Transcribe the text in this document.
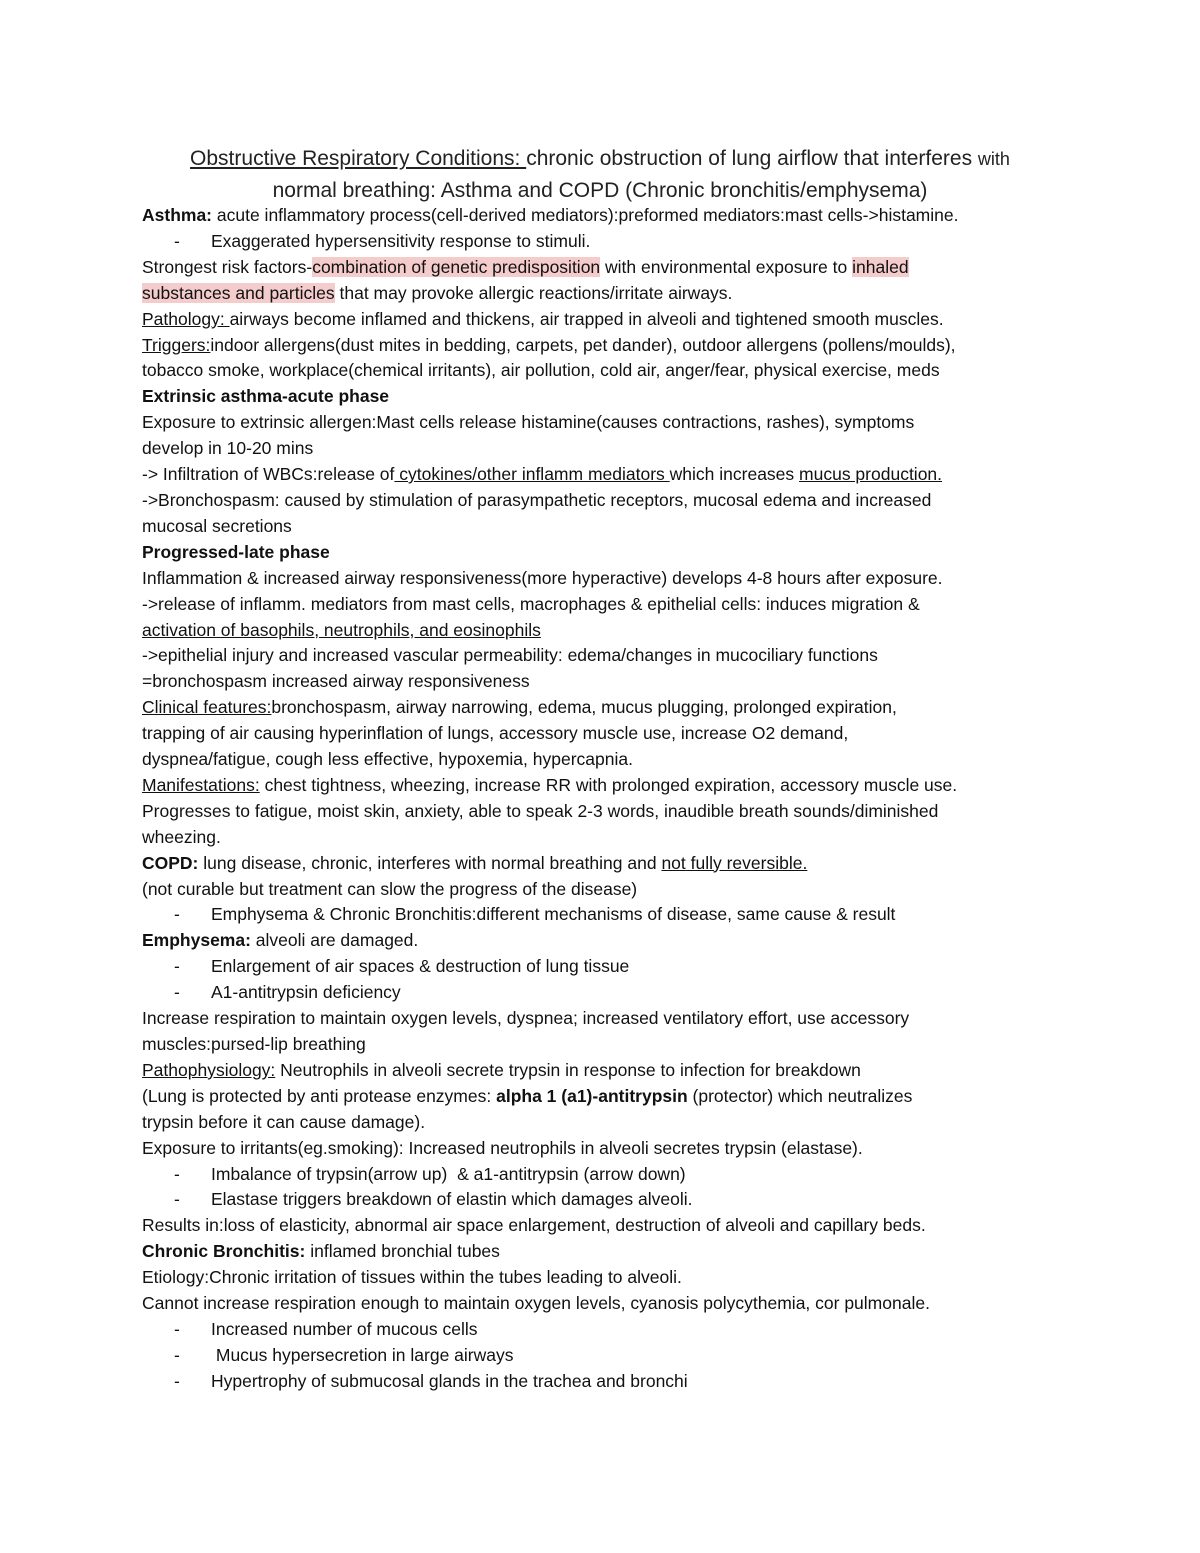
Obstructive Respiratory Conditions: chronic obstruction of lung airflow that interferes with
normal breathing: Asthma and COPD (Chronic bronchitis/emphysema)
Asthma: acute inflammatory process(cell-derived mediators):preformed mediators:mast cells->histamine.
- Exaggerated hypersensitivity response to stimuli.
Strongest risk factors-combination of genetic predisposition with environmental exposure to inhaled
substances and particles that may provoke allergic reactions/irritate airways.
Pathology: airways become inflamed and thickens, air trapped in alveoli and tightened smooth muscles.
Triggers:indoor allergens(dust mites in bedding, carpets, pet dander), outdoor allergens (pollens/moulds),
tobacco smoke, workplace(chemical irritants), air pollution, cold air, anger/fear, physical exercise, meds
Extrinsic asthma-acute phase
Exposure to extrinsic allergen:Mast cells release histamine(causes contractions, rashes), symptoms
develop in 10-20 mins
-> Infiltration of WBCs:release of cytokines/other inflamm mediators which increases mucus production.
->Bronchospasm: caused by stimulation of parasympathetic receptors, mucosal edema and increased
mucosal secretions
Progressed-late phase
Inflammation & increased airway responsiveness(more hyperactive) develops 4-8 hours after exposure.
->release of inflamm. mediators from mast cells, macrophages & epithelial cells: induces migration &
activation of basophils, neutrophils, and eosinophils
->epithelial injury and increased vascular permeability: edema/changes in mucociliary functions
=bronchospasm increased airway responsiveness
Clinical features:bronchospasm, airway narrowing, edema, mucus plugging, prolonged expiration,
trapping of air causing hyperinflation of lungs, accessory muscle use, increase O2 demand,
dyspnea/fatigue, cough less effective, hypoxemia, hypercapnia.
Manifestations: chest tightness, wheezing, increase RR with prolonged expiration, accessory muscle use.
Progresses to fatigue, moist skin, anxiety, able to speak 2-3 words, inaudible breath sounds/diminished
wheezing.
COPD: lung disease, chronic, interferes with normal breathing and not fully reversible.
(not curable but treatment can slow the progress of the disease)
- Emphysema & Chronic Bronchitis:different mechanisms of disease, same cause & result
Emphysema: alveoli are damaged.
- Enlargement of air spaces & destruction of lung tissue
- A1-antitrypsin deficiency
Increase respiration to maintain oxygen levels, dyspnea; increased ventilatory effort, use accessory
muscles:pursed-lip breathing
Pathophysiology: Neutrophils in alveoli secrete trypsin in response to infection for breakdown
(Lung is protected by anti protease enzymes: alpha 1 (a1)-antitrypsin (protector) which neutralizes
trypsin before it can cause damage).
Exposure to irritants(eg.smoking): Increased neutrophils in alveoli secretes trypsin (elastase).
- Imbalance of trypsin(arrow up)  & a1-antitrypsin (arrow down)
- Elastase triggers breakdown of elastin which damages alveoli.
Results in:loss of elasticity, abnormal air space enlargement, destruction of alveoli and capillary beds.
Chronic Bronchitis: inflamed bronchial tubes
Etiology:Chronic irritation of tissues within the tubes leading to alveoli.
Cannot increase respiration enough to maintain oxygen levels, cyanosis polycythemia, cor pulmonale.
- Increased number of mucous cells
- Mucus hypersecretion in large airways
- Hypertrophy of submucosal glands in the trachea and bronchi
